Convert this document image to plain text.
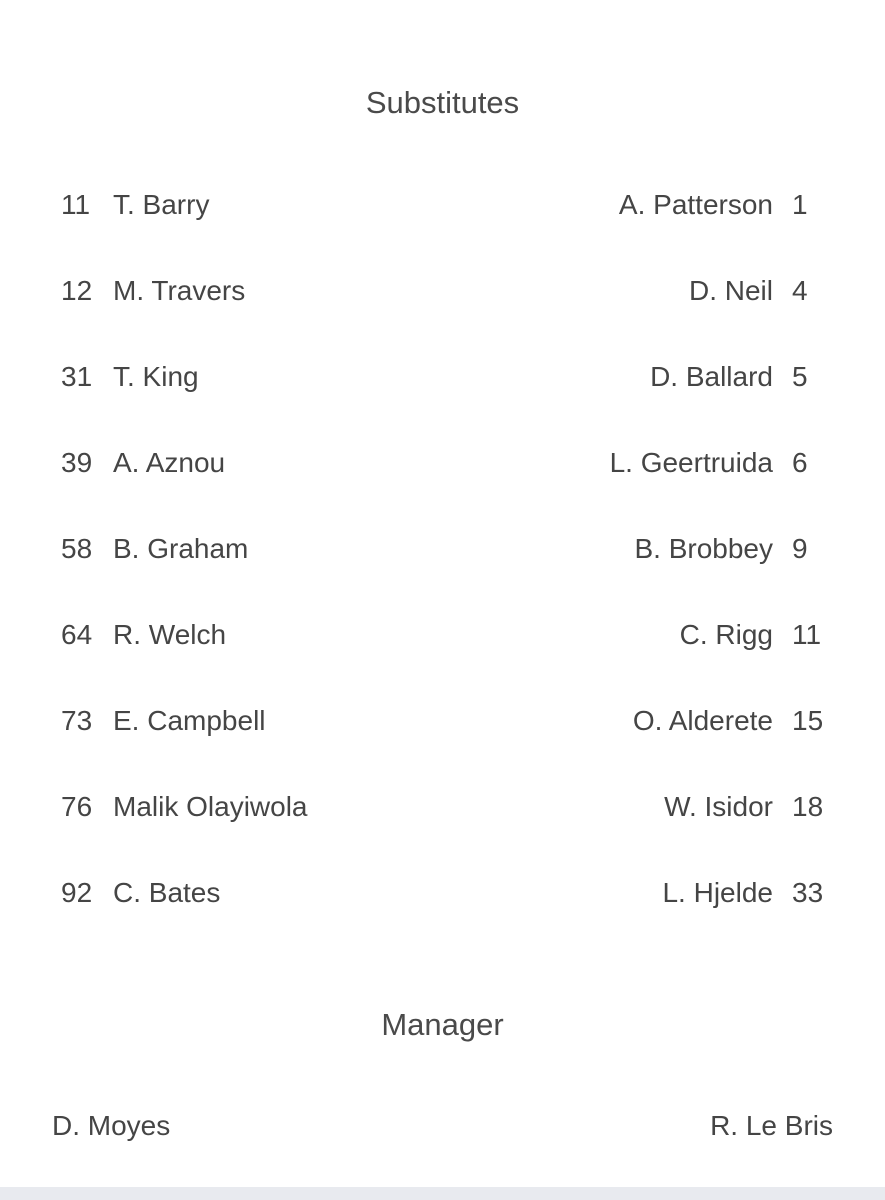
Substitutes
11 T. Barry	A. Patterson 1
12 M. Travers	D. Neil 4
31 T. King	D. Ballard 5
39 A. Aznou	L. Geertruida 6
58 B. Graham	B. Brobbey 9
64 R. Welch	C. Rigg 11
73 E. Campbell	O. Alderete 15
76 Malik Olayiwola	W. Isidor 18
92 C. Bates	L. Hjelde 33
Manager
D. Moyes	R. Le Bris
